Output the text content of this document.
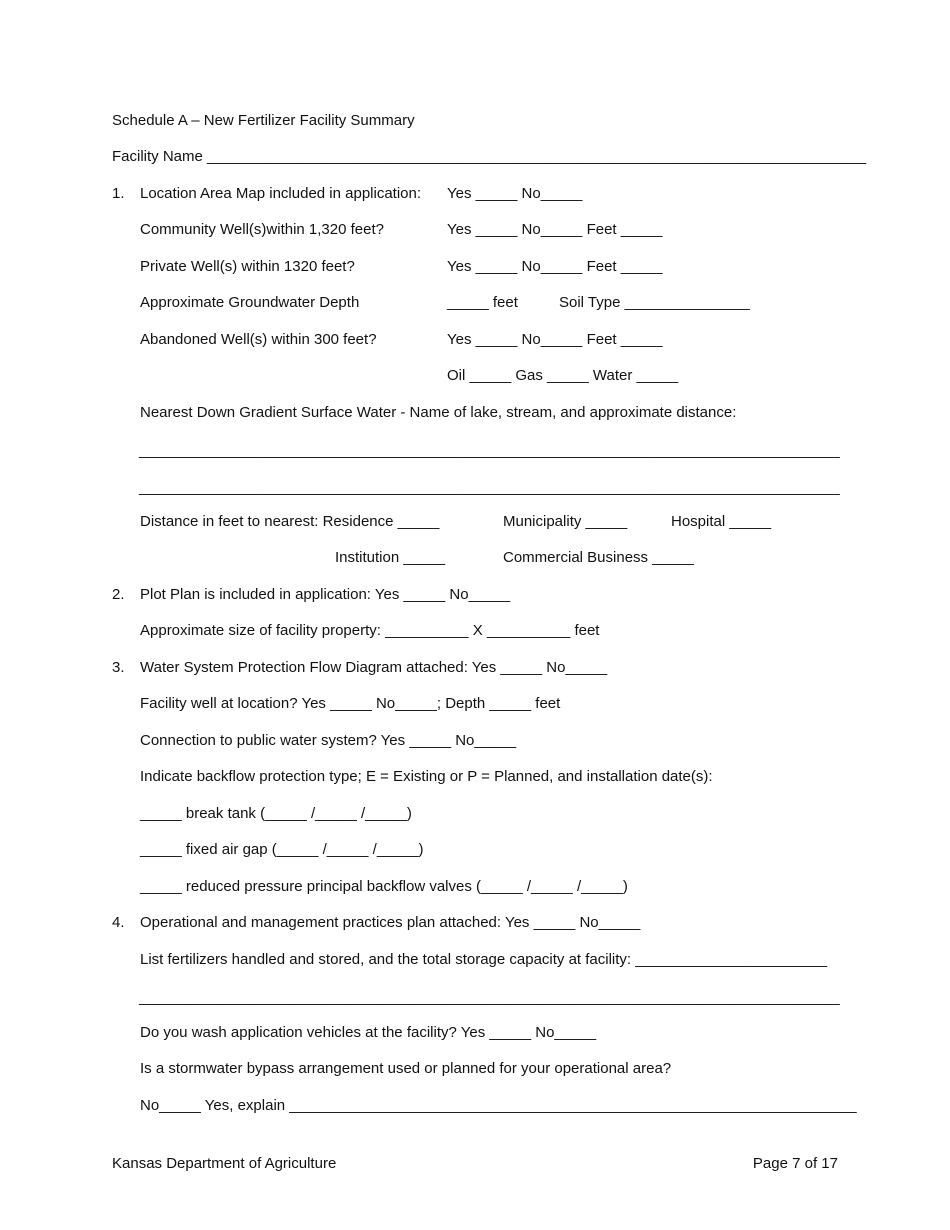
Schedule A – New Fertilizer Facility Summary
Facility Name _______________________________________________________________________________
1. Location Area Map included in application: Yes _____ No_____
Community Well(s)within 1,320 feet?	Yes _____ No_____ Feet _____
Private Well(s) within 1320 feet?	Yes _____ No_____ Feet _____
Approximate Groundwater Depth	_____ feet	Soil Type _______________
Abandoned Well(s) within 300 feet?	Yes _____ No_____ Feet _____
Oil _____ Gas _____ Water _____
Nearest Down Gradient Surface Water - Name of lake, stream, and approximate distance:
____________________________________________________________________________________
____________________________________________________________________________________
Distance in feet to nearest: Residence _____	Municipality _____	Hospital _____
Institution _____	Commercial Business _____
2. Plot Plan is included in application: Yes _____ No_____
Approximate size of facility property: __________ X __________ feet
3. Water System Protection Flow Diagram attached: Yes _____ No_____
Facility well at location? Yes _____ No_____; Depth _____ feet
Connection to public water system? Yes _____ No_____
Indicate backflow protection type; E = Existing or P = Planned, and installation date(s):
_____ break tank (_____ /_____ /_____)
_____ fixed air gap (_____ /_____ /_____)
_____ reduced pressure principal backflow valves (_____ /_____ /_____)
4. Operational and management practices plan attached: Yes _____ No_____
List fertilizers handled and stored, and the total storage capacity at facility: _______________________
____________________________________________________________________________________
Do you wash application vehicles at the facility? Yes _____ No_____
Is a stormwater bypass arrangement used or planned for your operational area?
No_____ Yes, explain ____________________________________________________________________
Kansas Department of Agriculture	Page 7 of 17
